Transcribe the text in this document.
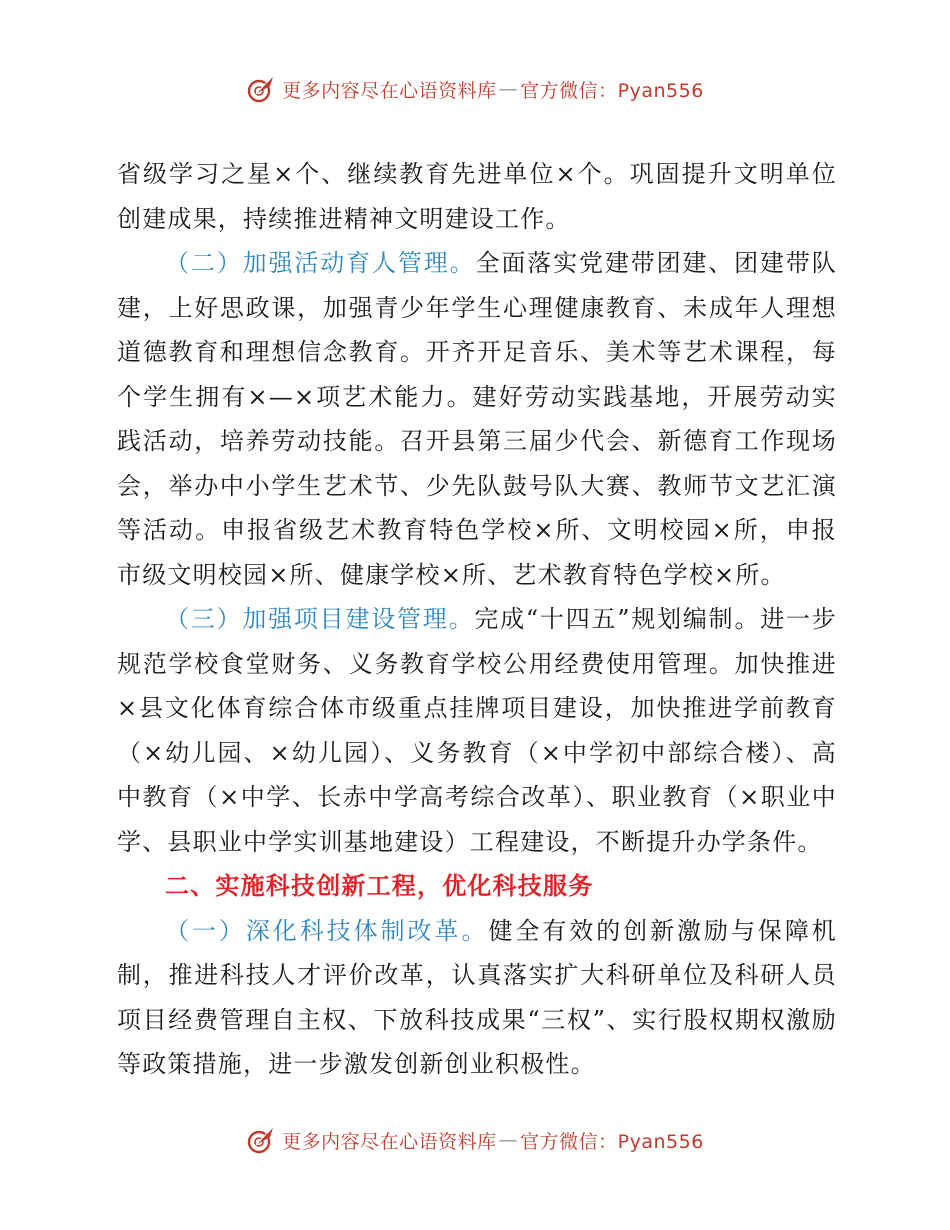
更多内容尽在心语资料库 — 官方微信：Pyan556

省级学习之星×个、继续教育先进单位×个。巩固提升文明单位创建成果，持续推进精神文明建设工作。

（二）加强活动育人管理。全面落实党建带团建、团建带队建，上好思政课，加强青少年学生心理健康教育、未成年人理想道德教育和理想信念教育。开齐开足音乐、美术等艺术课程，每个学生拥有×—×项艺术能力。建好劳动实践基地，开展劳动实践活动，培养劳动技能。召开县第三届少代会、新德育工作现场会，举办中小学生艺术节、少先队鼓号队大赛、教师节文艺汇演等活动。申报省级艺术教育特色学校×所、文明校园×所，申报市级文明校园×所、健康学校×所、艺术教育特色学校×所。

（三）加强项目建设管理。完成“十四五”规划编制。进一步规范学校食堂财务、义务教育学校公用经费使用管理。加快推进×县文化体育综合体市级重点挂牌项目建设，加快推进学前教育（×幼儿园、×幼儿园）、义务教育（×中学初中部综合楼）、高中教育（×中学、长赤中学高考综合改革）、职业教育（×职业中学、县职业中学实训基地建设）工程建设，不断提升办学条件。

二、实施科技创新工程，优化科技服务

（一）深化科技体制改革。健全有效的创新激励与保障机制，推进科技人才评价改革，认真落实扩大科研单位及科研人员项目经费管理自主权、下放科技成果“三权”、实行股权期权激励等政策措施，进一步激发创新创业积极性。

更多内容尽在心语资料库 — 官方微信：Pyan556
